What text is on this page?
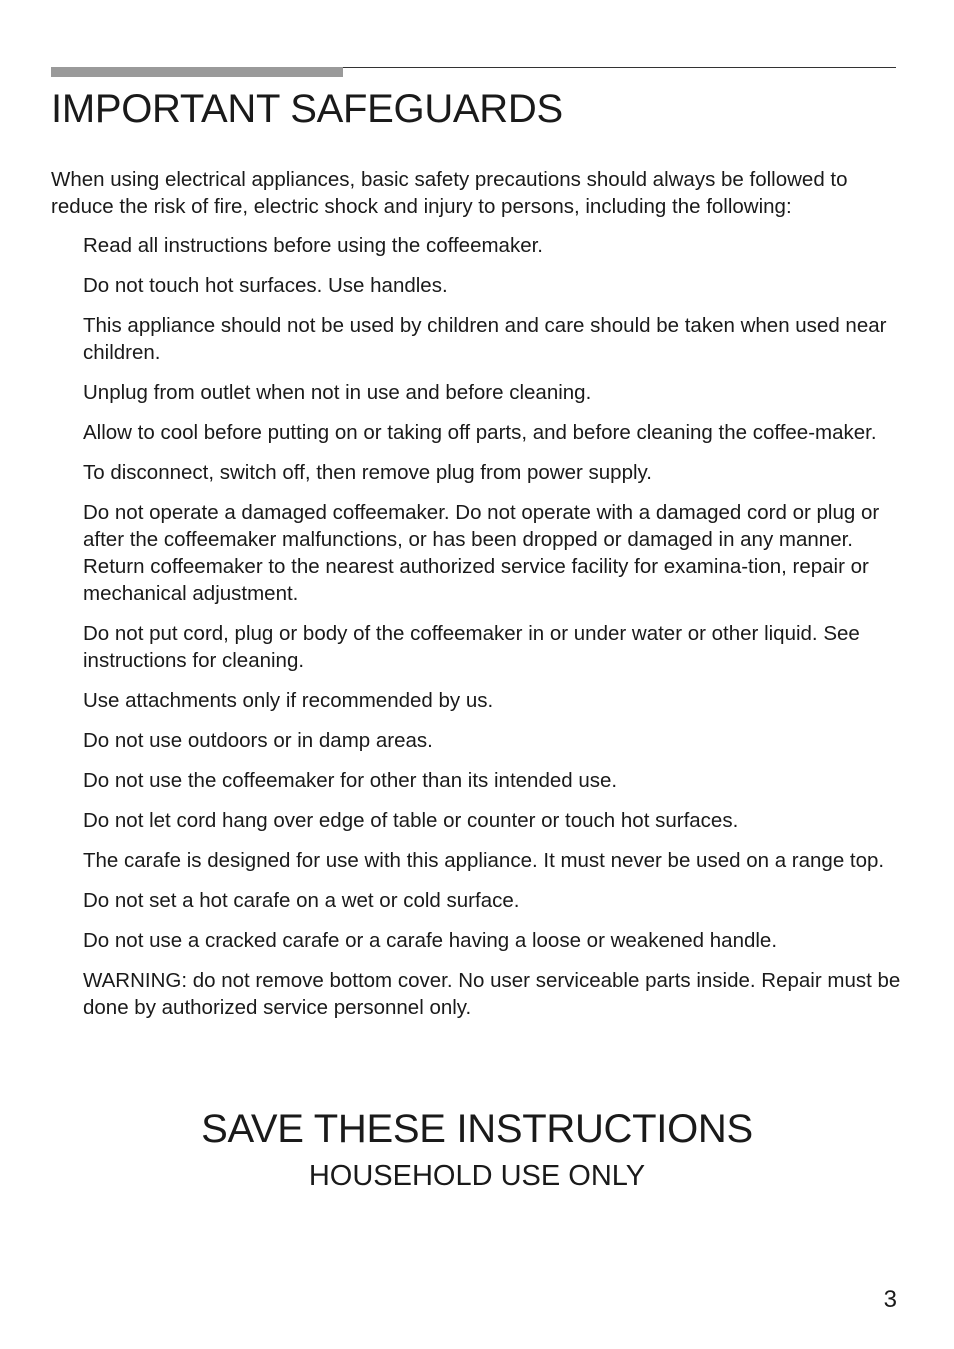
IMPORTANT SAFEGUARDS

When using electrical appliances, basic safety precautions should always be followed to reduce the risk of fire, electric shock and injury to persons, including the following:

Read all instructions before using the coffeemaker.
Do not touch hot surfaces. Use handles.
This appliance should not be used by children and care should be taken when used near children.
Unplug from outlet when not in use and before cleaning.
Allow to cool before putting on or taking off parts, and before cleaning the coffee-maker.
To disconnect, switch off, then remove plug from power supply.
Do not operate a damaged coffeemaker. Do not operate with a damaged cord or plug or after the coffeemaker malfunctions, or has been dropped or damaged in any manner. Return coffeemaker to the nearest authorized service facility for examina-tion, repair or mechanical adjustment.
Do not put cord, plug or body of the coffeemaker in or under water or other liquid. See instructions for cleaning.
Use attachments only if recommended by us.
Do not use outdoors or in damp areas.
Do not use the coffeemaker for other than its intended use.
Do not let cord hang over edge of table or counter or touch hot surfaces.
The carafe is designed for use with this appliance. It must never be used on a range top.
Do not set a hot carafe on a wet or cold surface.
Do not use a cracked carafe or a carafe having a loose or weakened handle.
WARNING: do not remove bottom cover. No user serviceable parts inside. Repair must be done by authorized service personnel only.
SAVE THESE INSTRUCTIONS

HOUSEHOLD USE ONLY

3
